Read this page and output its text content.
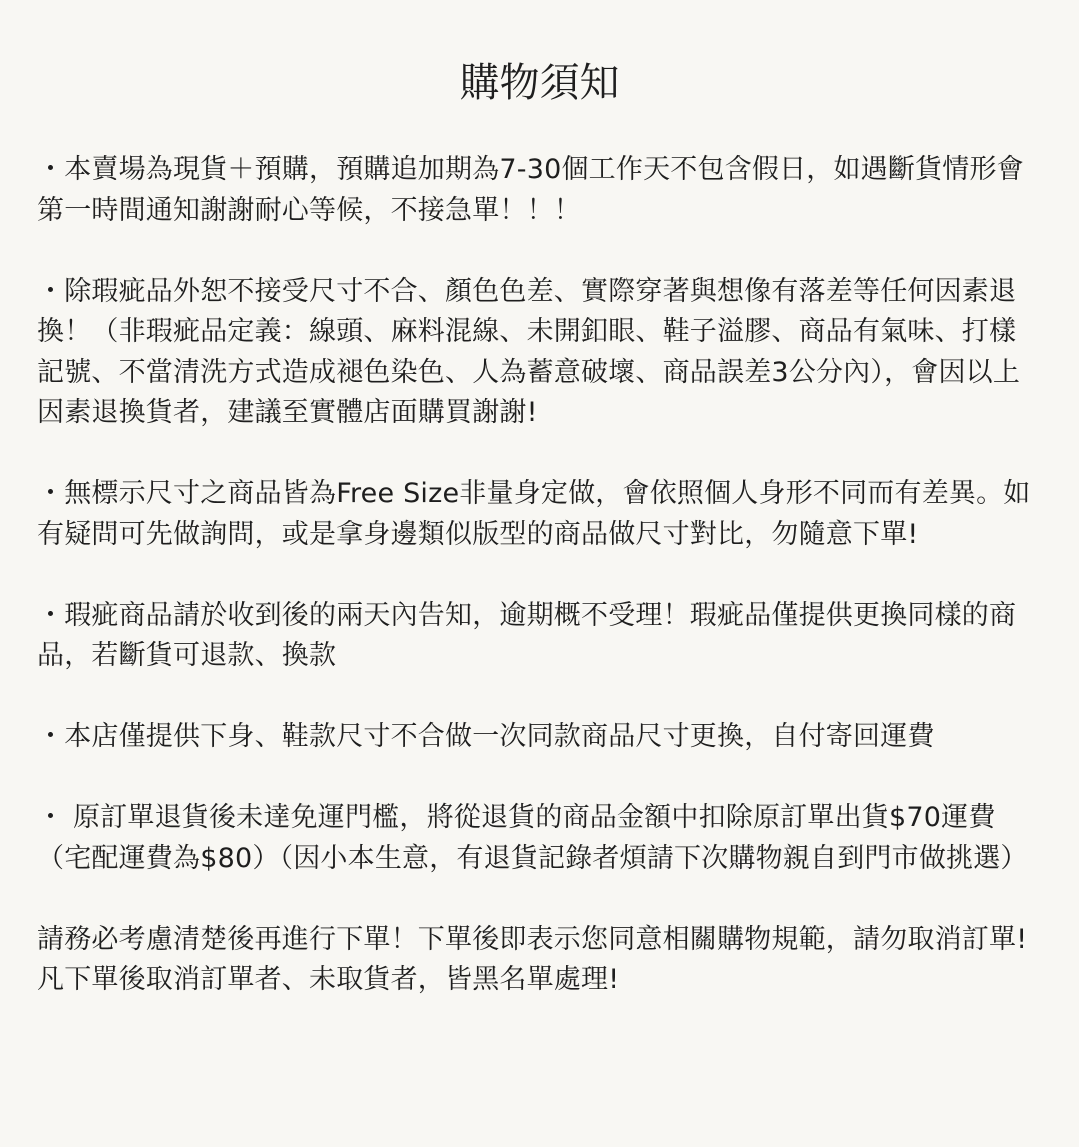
購物須知

・本賣場為現貨＋預購，預購追加期為7-30個工作天不包含假日，如遇斷貨情形會第一時間通知謝謝耐心等候，不接急單！！！

・除瑕疵品外恕不接受尺寸不合、顏色色差、實際穿著與想像有落差等任何因素退換！（非瑕疵品定義：線頭、麻料混線、未開釦眼、鞋子溢膠、商品有氣味、打樣記號、不當清洗方式造成褪色染色、人為蓄意破壞、商品誤差3公分內），會因以上因素退換貨者，建議至實體店面購買謝謝!

・無標示尺寸之商品皆為Free Size非量身定做，會依照個人身形不同而有差異。如有疑問可先做詢問，或是拿身邊類似版型的商品做尺寸對比，勿隨意下單!

・瑕疵商品請於收到後的兩天內告知，逾期概不受理！瑕疵品僅提供更換同樣的商品，若斷貨可退款、換款

・本店僅提供下身、鞋款尺寸不合做一次同款商品尺寸更換，自付寄回運費

・ 原訂單退貨後未達免運門檻，將從退貨的商品金額中扣除原訂單出貨$70運費（宅配運費為$80）（因小本生意，有退貨記錄者煩請下次購物親自到門市做挑選）

請務必考慮清楚後再進行下單！下單後即表示您同意相關購物規範，請勿取消訂單! 凡下單後取消訂單者、未取貨者，皆黑名單處理!
